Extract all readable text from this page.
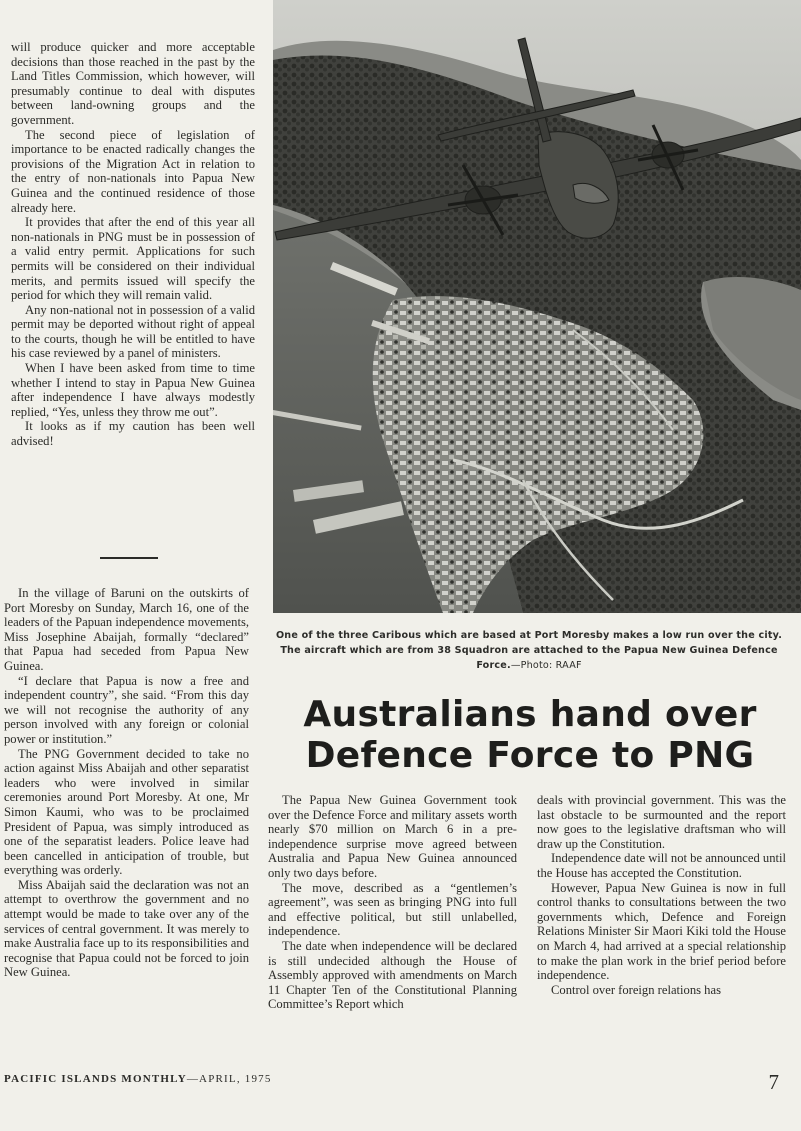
will produce quicker and more acceptable decisions than those reached in the past by the Land Titles Commission, which however, will presumably continue to deal with disputes between land-owning groups and the government.

The second piece of legislation of importance to be enacted radically changes the provisions of the Migration Act in relation to the entry of non-nationals into Papua New Guinea and the continued residence of those already here.

It provides that after the end of this year all non-nationals in PNG must be in possession of a valid entry permit. Applications for such permits will be considered on their individual merits, and permits issued will specify the period for which they will remain valid.

Any non-national not in possession of a valid permit may be deported without right of appeal to the courts, though he will be entitled to have his case reviewed by a panel of ministers.

When I have been asked from time to time whether I intend to stay in Papua New Guinea after independence I have always modestly replied, “Yes, unless they throw me out”.

It looks as if my caution has been well advised!

In the village of Baruni on the outskirts of Port Moresby on Sunday, March 16, one of the leaders of the Papuan independence movements, Miss Josephine Abaijah, formally “declared” that Papua had seceded from Papua New Guinea.

“I declare that Papua is now a free and independent country”, she said. “From this day we will not recognise the authority of any person involved with any foreign or colonial power or institution.”

The PNG Government decided to take no action against Miss Abaijah and other separatist leaders who were involved in similar ceremonies around Port Moresby. At one, Mr Simon Kaumi, who was to be proclaimed President of Papua, was simply introduced as one of the separatist leaders. Police leave had been cancelled in anticipation of trouble, but everything was orderly.

Miss Abaijah said the declaration was not an attempt to overthrow the government and no attempt would be made to take over any of the services of central government. It was merely to make Australia face up to its responsibilities and recognise that Papua could not be forced to join New Guinea.

One of the three Caribous which are based at Port Moresby makes a low run over the city. The aircraft which are from 38 Squadron are attached to the Papua New Guinea Defence Force.—Photo: RAAF
Australians hand over Defence Force to PNG

The Papua New Guinea Government took over the Defence Force and military assets worth nearly $70 million on March 6 in a pre-independence surprise move agreed between Australia and Papua New Guinea announced only two days before.

The move, described as a “gentlemen’s agreement”, was seen as bringing PNG into full and effective political, but still unlabelled, independence.

The date when independence will be declared is still undecided although the House of Assembly approved with amendments on March 11 Chapter Ten of the Constitutional Planning Committee’s Report which

deals with provincial government. This was the last obstacle to be surmounted and the report now goes to the legislative draftsman who will draw up the Constitution.

Independence date will not be announced until the House has accepted the Constitution.

However, Papua New Guinea is now in full control thanks to consultations between the two governments which, Defence and Foreign Relations Minister Sir Maori Kiki told the House on March 4, had arrived at a special relationship to make the plan work in the brief period before independence.

Control over foreign relations has

PACIFIC ISLANDS MONTHLY—APRIL, 1975	7
